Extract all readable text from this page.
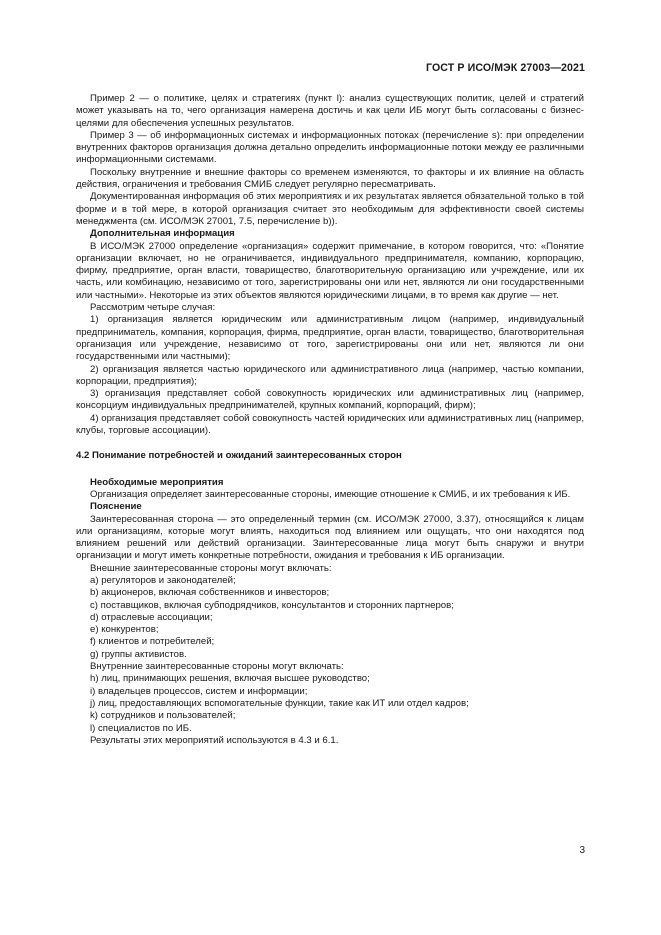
ГОСТ Р ИСО/МЭК 27003—2021

Пример 2 — о политике, целях и стратегиях (пункт l): анализ существующих политик, целей и стратегий может указывать на то, чего организация намерена достичь и как цели ИБ могут быть согласованы с бизнес-целями для обеспечения успешных результатов.

Пример 3 — об информационных системах и информационных потоках (перечисление s): при определении внутренних факторов организация должна детально определить информационные потоки между ее различными информационными системами.

Поскольку внутренние и внешние факторы со временем изменяются, то факторы и их влияние на область действия, ограничения и требования СМИБ следует регулярно пересматривать.

Документированная информация об этих мероприятиях и их результатах является обязательной только в той форме и в той мере, в которой организация считает это необходимым для эффективности своей системы менеджмента (см. ИСО/МЭК 27001, 7.5, перечисление b)).

Дополнительная информация

В ИСО/МЭК 27000 определение «организация» содержит примечание, в котором говорится, что: «Понятие организации включает, но не ограничивается, индивидуального предпринимателя, компанию, корпорацию, фирму, предприятие, орган власти, товарищество, благотворительную организацию или учреждение, или их часть, или комбинацию, независимо от того, зарегистрированы они или нет, являются ли они государственными или частными». Некоторые из этих объектов являются юридическими лицами, в то время как другие — нет.

Рассмотрим четыре случая:

1) организация является юридическим или административным лицом (например, индивидуальный предприниматель, компания, корпорация, фирма, предприятие, орган власти, товарищество, благотворительная организация или учреждение, независимо от того, зарегистрированы они или нет, являются ли они государственными или частными);

2) организация является частью юридического или административного лица (например, частью компании, корпорации, предприятия);

3) организация представляет собой совокупность юридических или административных лиц (например, консорциум индивидуальных предпринимателей, крупных компаний, корпораций, фирм);

4) организация представляет собой совокупность частей юридических или административных лиц (например, клубы, торговые ассоциации).

4.2 Понимание потребностей и ожиданий заинтересованных сторон

Необходимые мероприятия

Организация определяет заинтересованные стороны, имеющие отношение к СМИБ, и их требования к ИБ.

Пояснение

Заинтересованная сторона — это определенный термин (см. ИСО/МЭК 27000, 3.37), относящийся к лицам или организациям, которые могут влиять, находиться под влиянием или ощущать, что они находятся под влиянием решений или действий организации. Заинтересованные лица могут быть снаружи и внутри организации и могут иметь конкретные потребности, ожидания и требования к ИБ организации.

Внешние заинтересованные стороны могут включать:

а) регуляторов и законодателей;

b) акционеров, включая собственников и инвесторов;

с) поставщиков, включая субподрядчиков, консультантов и сторонних партнеров;

d) отраслевые ассоциации;

е) конкурентов;

f) клиентов и потребителей;

g) группы активистов.

Внутренние заинтересованные стороны могут включать:

h) лиц, принимающих решения, включая высшее руководство;

i) владельцев процессов, систем и информации;

j) лиц, предоставляющих вспомогательные функции, такие как ИТ или отдел кадров;

k) сотрудников и пользователей;

l) специалистов по ИБ.

Результаты этих мероприятий используются в 4.3 и 6.1.

3
